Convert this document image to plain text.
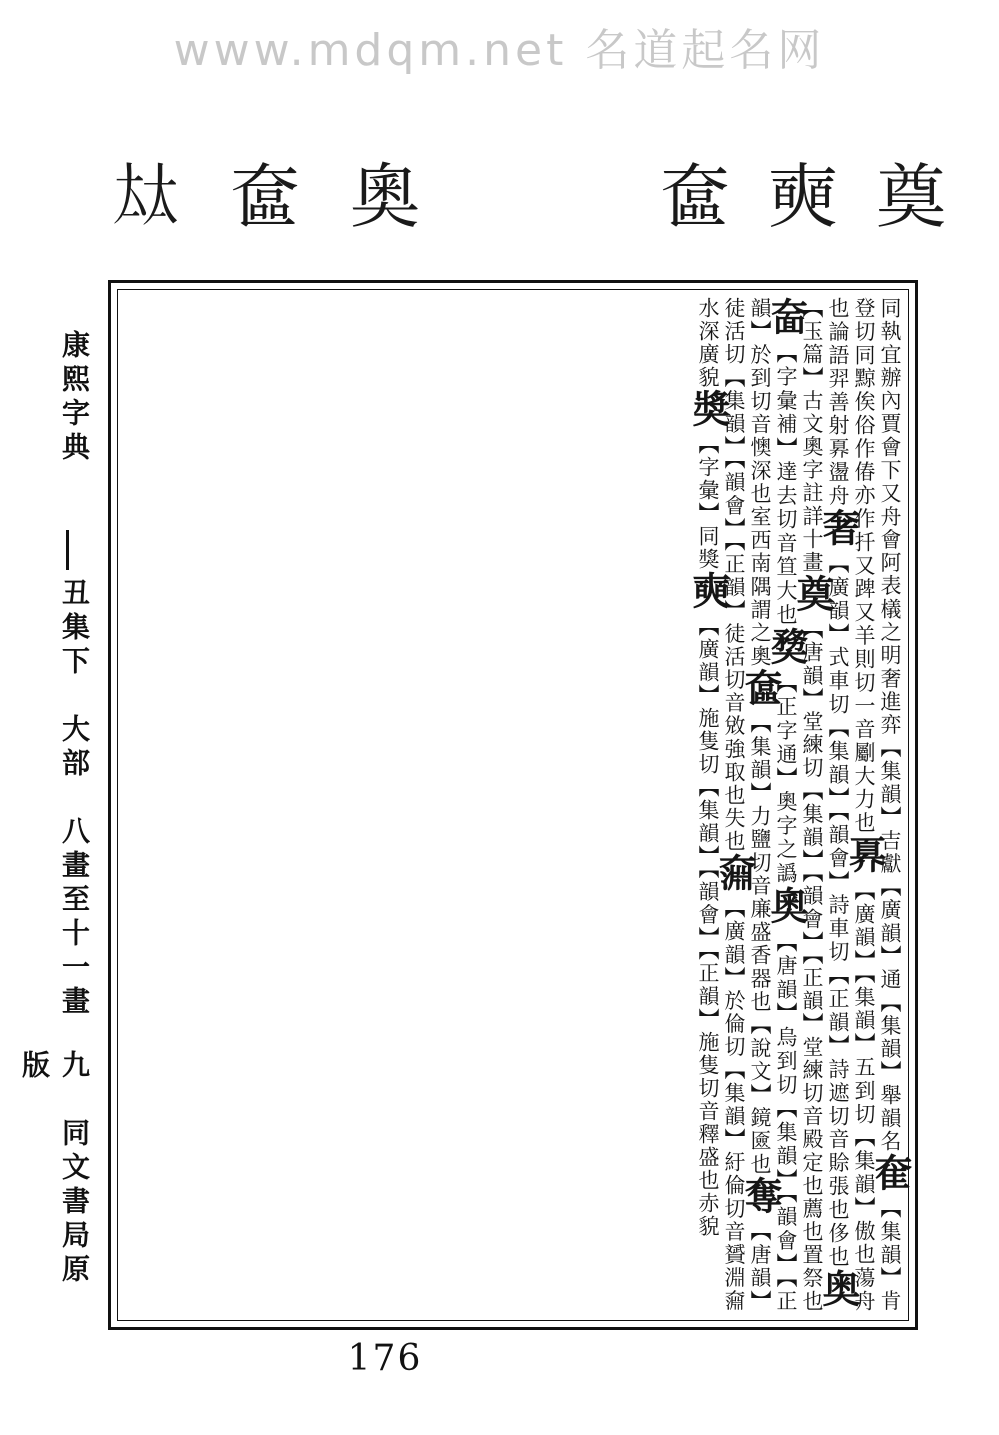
www.mdqm.net 名道起名网
𡘋 奩 奧	奩 奭 奠
康熙字典
丑集下　大部　八畫至十一畫
九　同文書局原版	同執宜辦內賈會下又舟會阿表檥之明奢進弈【集韻】吉獻【廣韻】通【集韻】舉韻名奞【集韻】肯登切同黥俟俗作偆亦作扦又䠋又羊則切一音劚大力也奡【廣韻】【集韻】五到切【集韻】傲也蕩舟也論語羿善射奡盪舟奢【廣韻】式車切【集韻】【韻會】詩車切【正韻】詩遮切音賒張也侈也奥【玉篇】古文奧字註詳十畫奠【唐韻】堂練切【集韻】【韻會】【正韻】堂練切音殿定也薦也置祭也奤【字彙補】達去切音笪大也奦【正字通】奧字之譌奧【唐韻】烏到切【集韻】【韻會】【正韻】於到切音懊深也室西南隅謂之奧奩【集韻】力鹽切音廉盛香器也【說文】鏡匳也奪【唐韻】徒活切【集韻】【韻會】【正韻】徒活切音敓強取也失也奫【廣韻】於倫切【集韻】紆倫切音贇淵奫水深廣貌奬【字彙】同獎奭【廣韻】施隻切【集韻】【韻會】【正韻】施隻切音釋盛也赤貌
176
